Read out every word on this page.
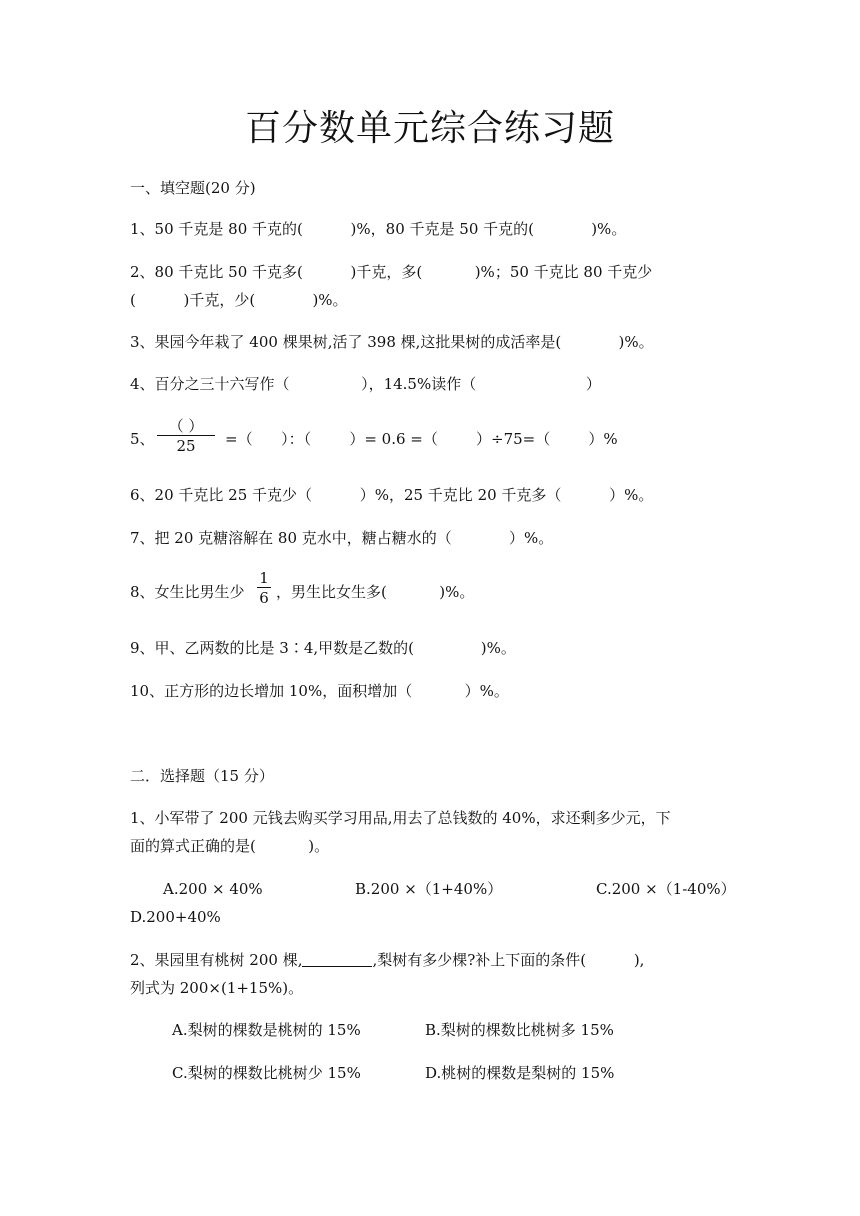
百分数单元综合练习题
一、填空题(20 分)
1、50 千克是 80 千克的(          )%，80 千克是 50 千克的(            )%。
2、80 千克比 50 千克多(          )千克，多(           )%；50 千克比 80 千克少
(          )千克，少(            )%。
3、果园今年栽了 400 棵果树,活了 398 棵,这批果树的成活率是(            )%。
4、百分之三十六写作（               ），14.5%读作（                       ）
5、
（ ）
25	=（      ）：（        ）= 0.6 =（        ）÷75=（        ）%
6、20 千克比 25 千克少（          ）%，25 千克比 20 千克多（          ）%。
7、把 20 克糖溶解在 80 克水中，糖占糖水的（            ）%。
8、女生比男生少
1
6 ，男生比女生多(           )%。
9、甲、乙两数的比是 3∶4,甲数是乙数的(              )%。
10、正方形的边长增加 10%，面积增加（           ）%。
二．选择题（15 分）
1、小军带了 200 元钱去购买学习用品,用去了总钱数的 40%，求还剩多少元，下
面的算式正确的是(           )。
A.200 × 40%	B.200 ×（1+40%）	C.200 ×（1-40%）
D.200+40%
2、果园里有桃树 200 棵,	,梨树有多少棵?补上下面的条件(          ),
列式为 200×(1+15%)。
A.梨树的棵数是桃树的 15%	B.梨树的棵数比桃树多 15%
C.梨树的棵数比桃树少 15%	D.桃树的棵数是梨树的 15%
